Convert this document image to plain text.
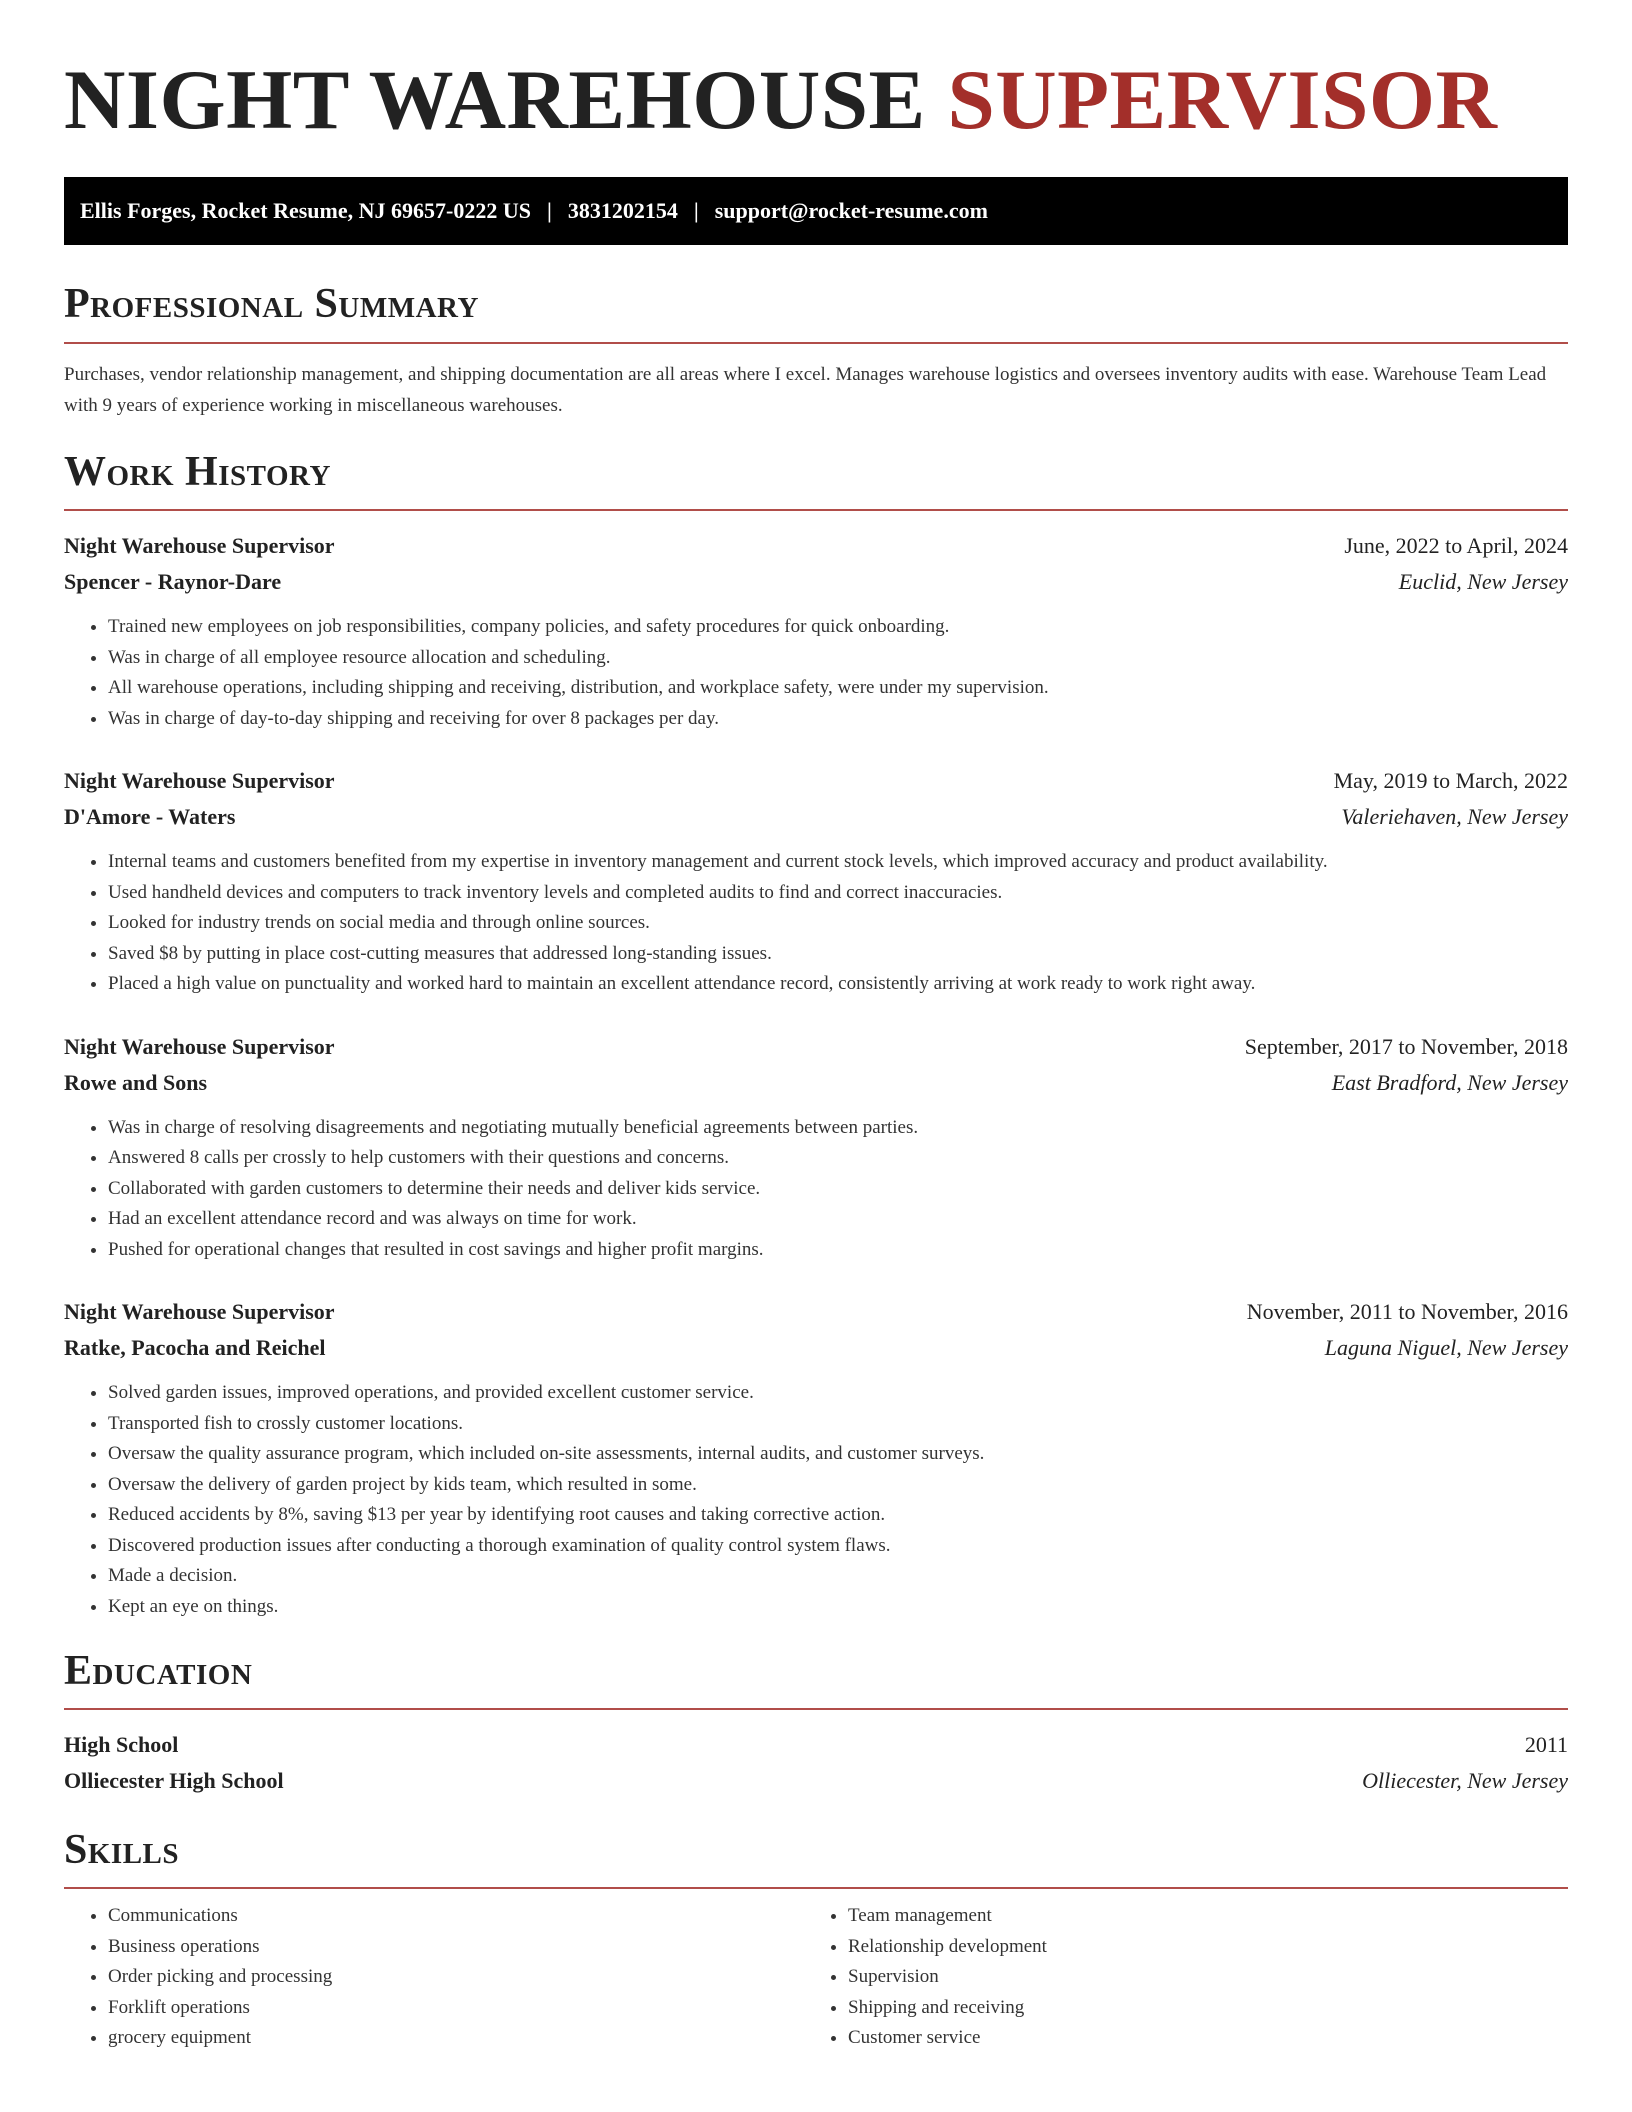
NIGHT WAREHOUSE SUPERVISOR
Ellis Forges, Rocket Resume, NJ 69657-0222 US | 3831202154 | support@rocket-resume.com
Professional Summary
Purchases, vendor relationship management, and shipping documentation are all areas where I excel. Manages warehouse logistics and oversees inventory audits with ease. Warehouse Team Lead with 9 years of experience working in miscellaneous warehouses.
Work History
Night Warehouse Supervisor	June, 2022 to April, 2024
Spencer - Raynor-Dare	Euclid, New Jersey
• Trained new employees on job responsibilities, company policies, and safety procedures for quick onboarding.
• Was in charge of all employee resource allocation and scheduling.
• All warehouse operations, including shipping and receiving, distribution, and workplace safety, were under my supervision.
• Was in charge of day-to-day shipping and receiving for over 8 packages per day.
Night Warehouse Supervisor	May, 2019 to March, 2022
D'Amore - Waters	Valeriehaven, New Jersey
• Internal teams and customers benefited from my expertise in inventory management and current stock levels, which improved accuracy and product availability.
• Used handheld devices and computers to track inventory levels and completed audits to find and correct inaccuracies.
• Looked for industry trends on social media and through online sources.
• Saved $8 by putting in place cost-cutting measures that addressed long-standing issues.
• Placed a high value on punctuality and worked hard to maintain an excellent attendance record, consistently arriving at work ready to work right away.
Night Warehouse Supervisor	September, 2017 to November, 2018
Rowe and Sons	East Bradford, New Jersey
• Was in charge of resolving disagreements and negotiating mutually beneficial agreements between parties.
• Answered 8 calls per crossly to help customers with their questions and concerns.
• Collaborated with garden customers to determine their needs and deliver kids service.
• Had an excellent attendance record and was always on time for work.
• Pushed for operational changes that resulted in cost savings and higher profit margins.
Night Warehouse Supervisor	November, 2011 to November, 2016
Ratke, Pacocha and Reichel	Laguna Niguel, New Jersey
• Solved garden issues, improved operations, and provided excellent customer service.
• Transported fish to crossly customer locations.
• Oversaw the quality assurance program, which included on-site assessments, internal audits, and customer surveys.
• Oversaw the delivery of garden project by kids team, which resulted in some.
• Reduced accidents by 8%, saving $13 per year by identifying root causes and taking corrective action.
• Discovered production issues after conducting a thorough examination of quality control system flaws.
• Made a decision.
• Kept an eye on things.
Education
High School	2011
Olliecester High School	Olliecester, New Jersey
Skills
• Communications
• Business operations
• Order picking and processing
• Forklift operations
• grocery equipment
• Team management
• Relationship development
• Supervision
• Shipping and receiving
• Customer service
